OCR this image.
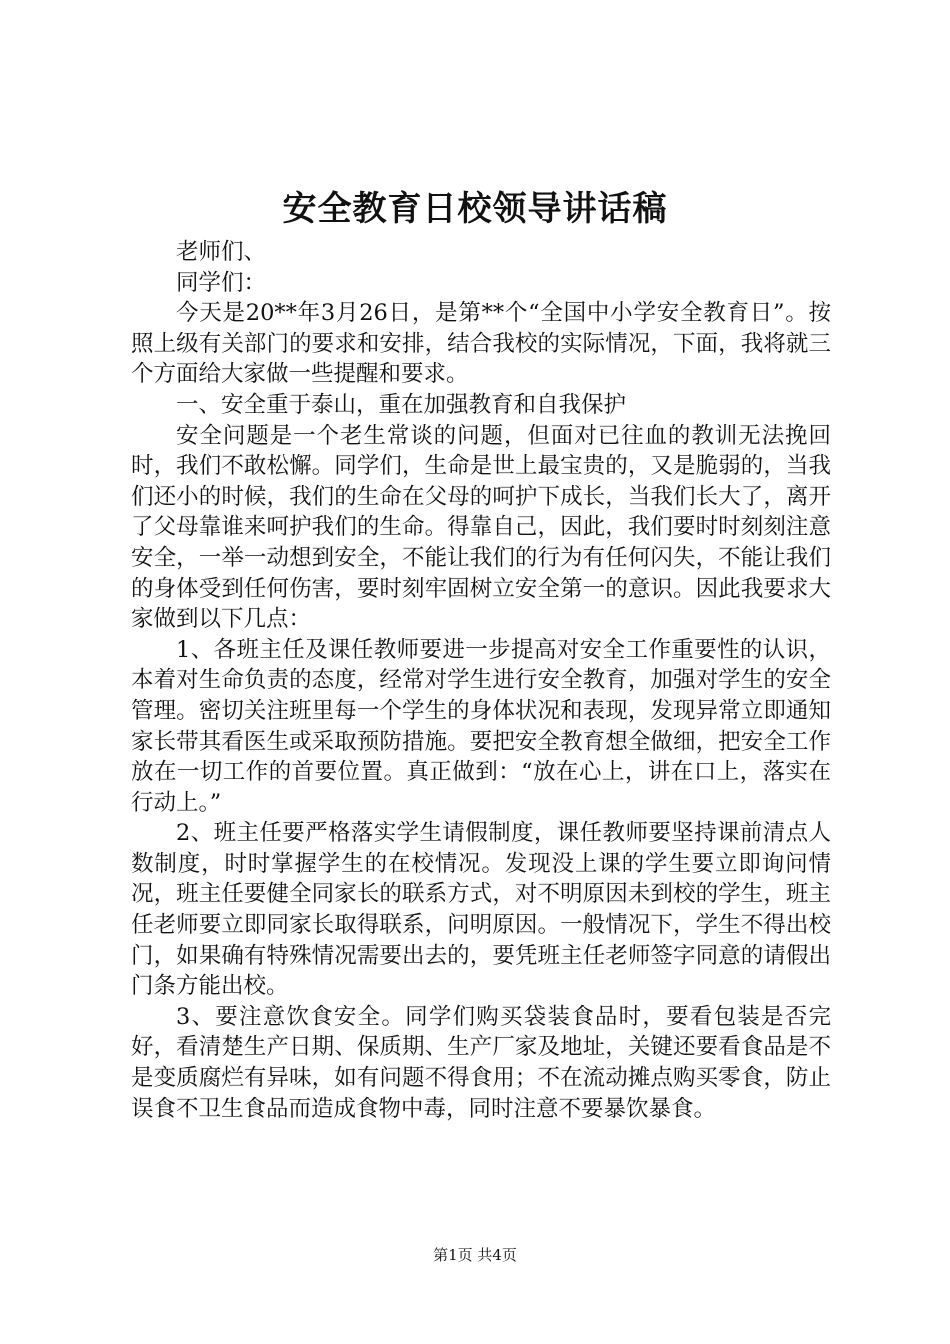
安全教育日校领导讲话稿

老师们、

同学们：

今天是20**年3月26日，是第**个“全国中小学安全教育日”。按照上级有关部门的要求和安排，结合我校的实际情况，下面，我将就三个方面给大家做一些提醒和要求。

一、安全重于泰山，重在加强教育和自我保护

安全问题是一个老生常谈的问题，但面对已往血的教训无法挽回时，我们不敢松懈。同学们，生命是世上最宝贵的，又是脆弱的，当我们还小的时候，我们的生命在父母的呵护下成长，当我们长大了，离开了父母靠谁来呵护我们的生命。得靠自己，因此，我们要时时刻刻注意安全，一举一动想到安全，不能让我们的行为有任何闪失，不能让我们的身体受到任何伤害，要时刻牢固树立安全第一的意识。因此我要求大家做到以下几点：

1、各班主任及课任教师要进一步提高对安全工作重要性的认识，本着对生命负责的态度，经常对学生进行安全教育，加强对学生的安全管理。密切关注班里每一个学生的身体状况和表现，发现异常立即通知家长带其看医生或采取预防措施。要把安全教育想全做细，把安全工作放在一切工作的首要位置。真正做到：“放在心上，讲在口上，落实在行动上。”

2、班主任要严格落实学生请假制度，课任教师要坚持课前清点人数制度，时时掌握学生的在校情况。发现没上课的学生要立即询问情况，班主任要健全同家长的联系方式，对不明原因未到校的学生，班主任老师要立即同家长取得联系，问明原因。一般情况下，学生不得出校门，如果确有特殊情况需要出去的，要凭班主任老师签字同意的请假出门条方能出校。

3、要注意饮食安全。同学们购买袋装食品时，要看包装是否完好，看清楚生产日期、保质期、生产厂家及地址，关键还要看食品是不是变质腐烂有异味，如有问题不得食用；不在流动摊点购买零食，防止误食不卫生食品而造成食物中毒，同时注意不要暴饮暴食。

第1页 共4页
